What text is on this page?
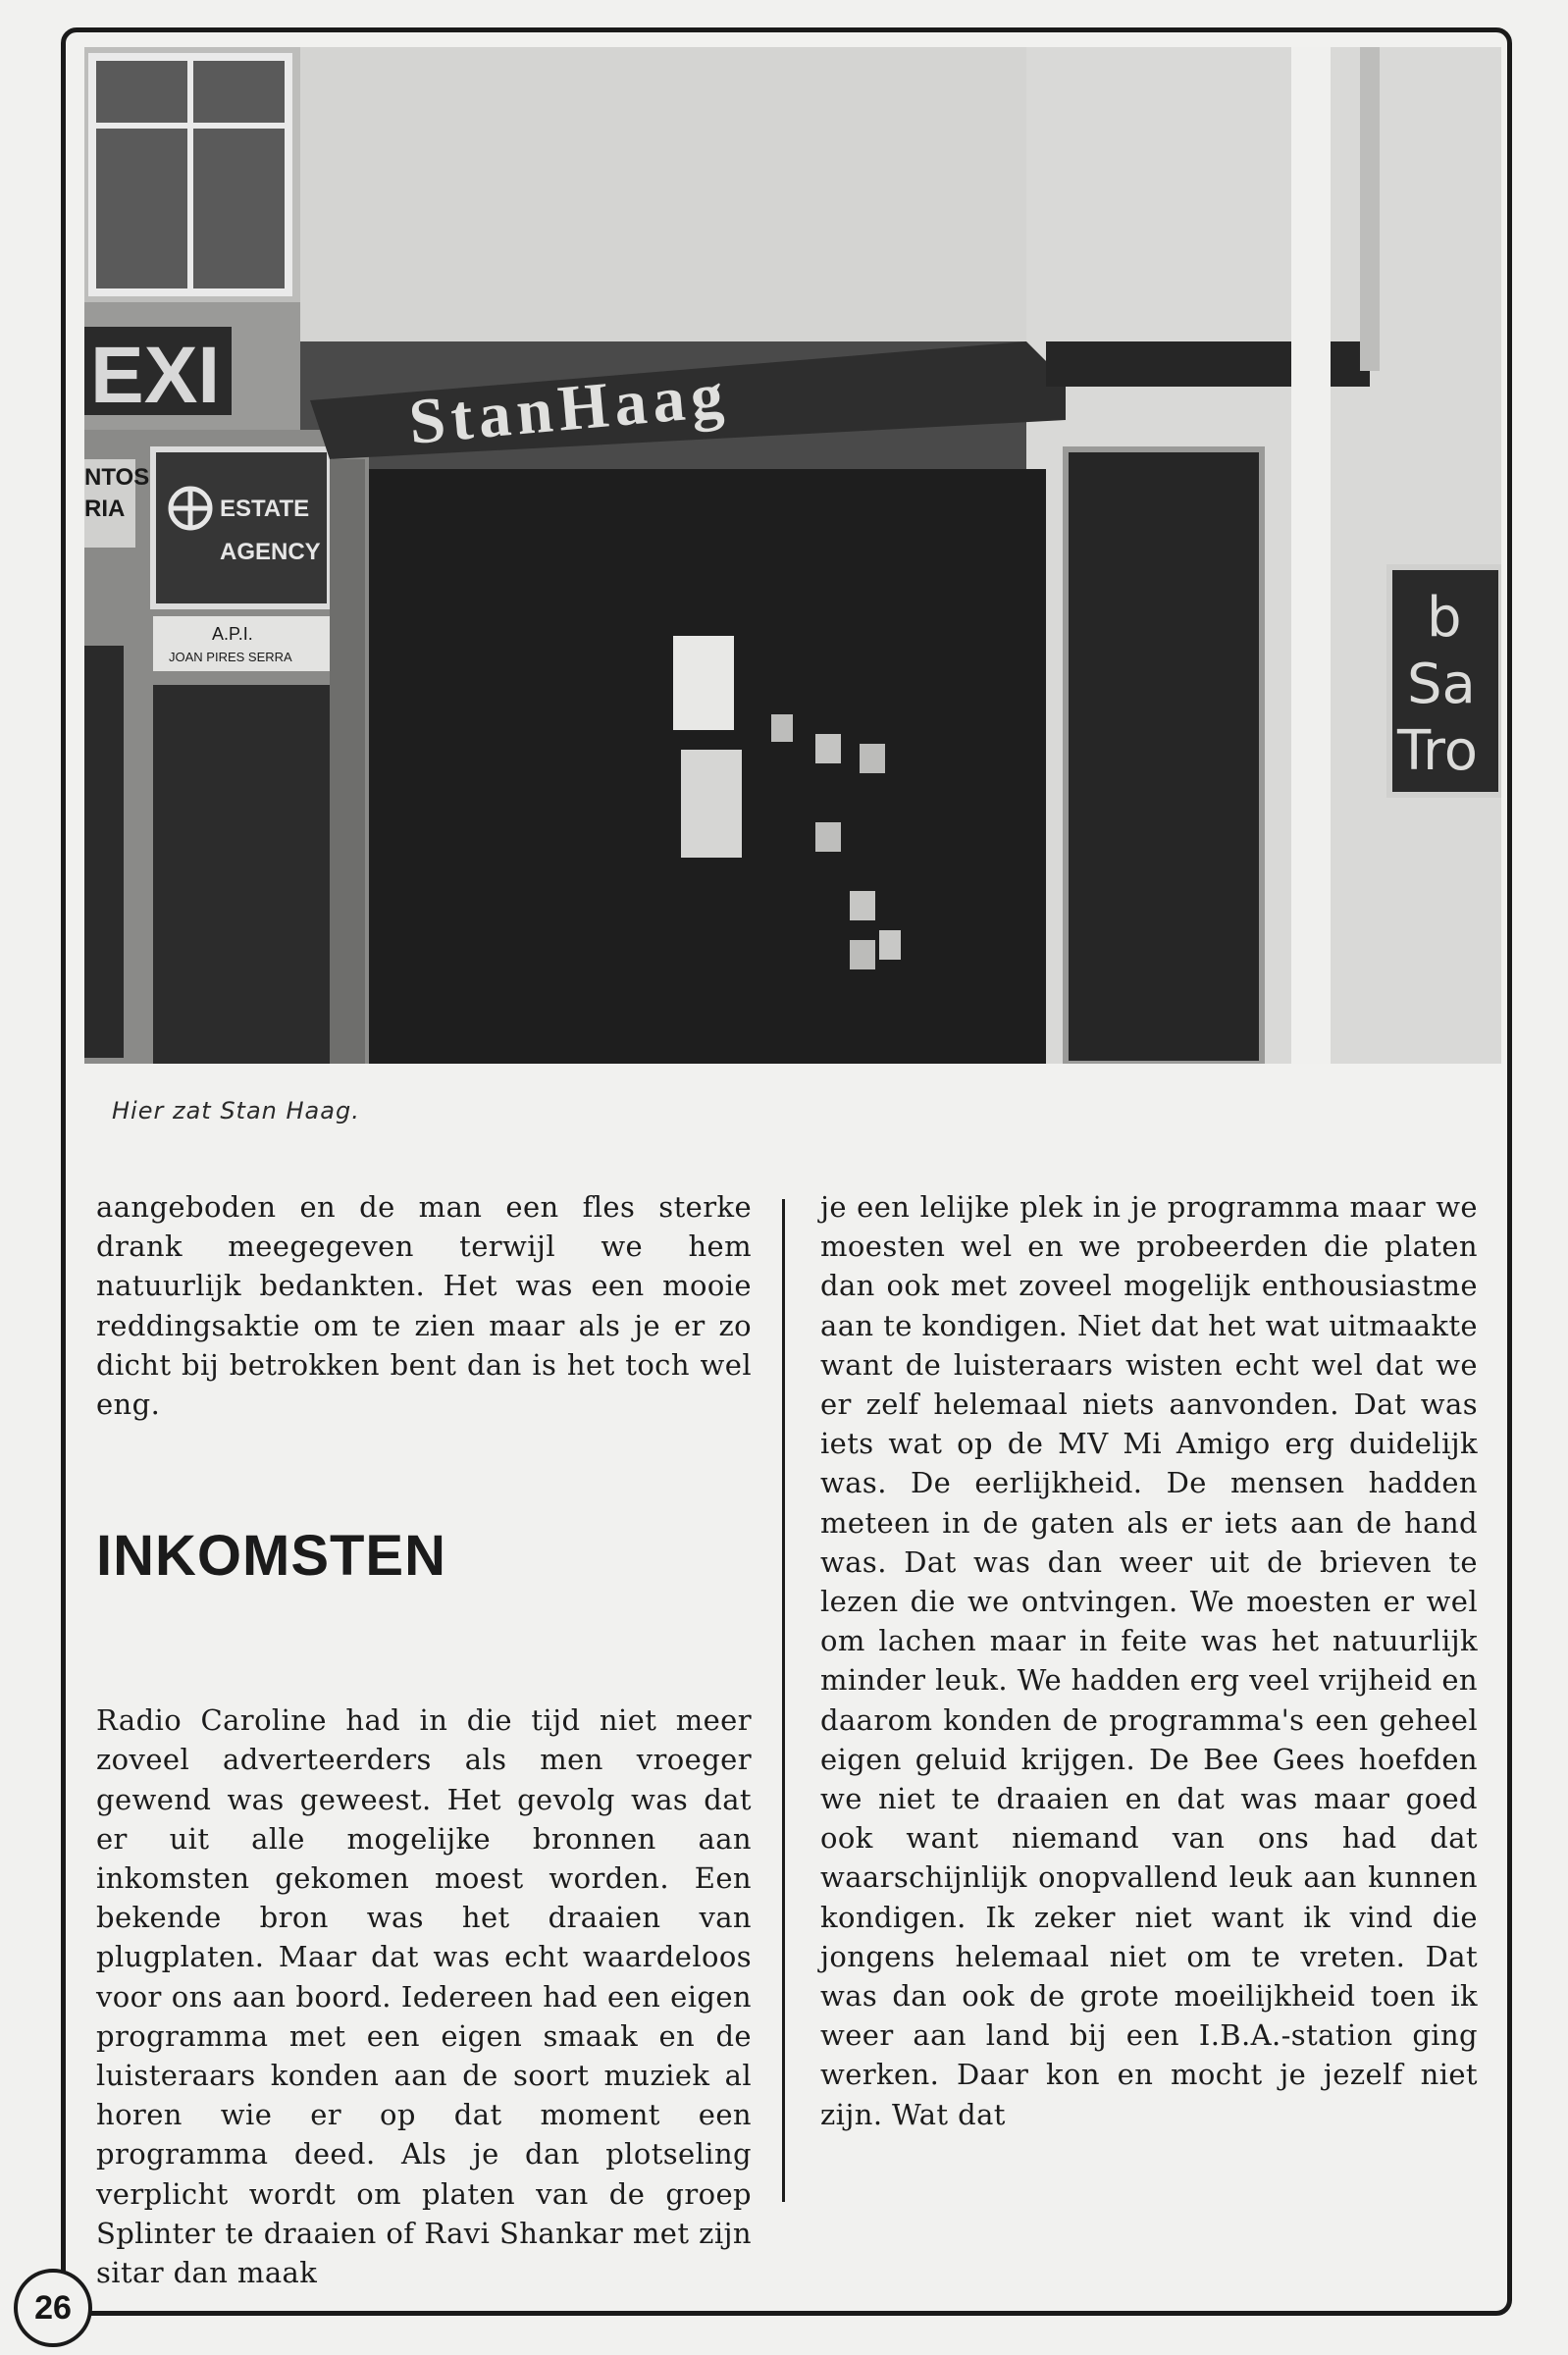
EXI
NTOS
RIA	ESTATE
AGENCY
A.P.I.
JOAN PIRES SERRA
StanHaag
b
Sa
Tro
Hier zat Stan Haag.

aangeboden en de man een fles sterke drank meegegeven terwijl we hem natuurlijk bedankten. Het was een mooie reddingsaktie om te zien maar als je er zo dicht bij betrokken bent dan is het toch wel eng.

INKOMSTEN

Radio Caroline had in die tijd niet meer zoveel adverteerders als men vroeger gewend was geweest. Het gevolg was dat er uit alle mogelijke bronnen aan inkomsten gekomen moest worden. Een bekende bron was het draaien van plugplaten. Maar dat was echt waardeloos voor ons aan boord. Iedereen had een eigen programma met een eigen smaak en de luisteraars konden aan de soort muziek al horen wie er op dat moment een programma deed. Als je dan plotseling verplicht wordt om platen van de groep Splinter te draaien of Ravi Shankar met zijn sitar dan maak

je een lelijke plek in je programma maar we moesten wel en we probeerden die platen dan ook met zoveel mogelijk enthousiastme aan te kondigen. Niet dat het wat uitmaakte want de luisteraars wisten echt wel dat we er zelf helemaal niets aanvonden. Dat was iets wat op de MV Mi Amigo erg duidelijk was. De eerlijkheid. De mensen hadden meteen in de gaten als er iets aan de hand was. Dat was dan weer uit de brieven te lezen die we ontvingen. We moesten er wel om lachen maar in feite was het natuurlijk minder leuk. We hadden erg veel vrijheid en daarom konden de programma's een geheel eigen geluid krijgen. De Bee Gees hoefden we niet te draaien en dat was maar goed ook want niemand van ons had dat waarschijnlijk onopvallend leuk aan kunnen kondigen. Ik zeker niet want ik vind die jongens helemaal niet om te vreten. Dat was dan ook de grote moeilijkheid toen ik weer aan land bij een I.B.A.-station ging werken. Daar kon en mocht je jezelf niet zijn. Wat dat

26
